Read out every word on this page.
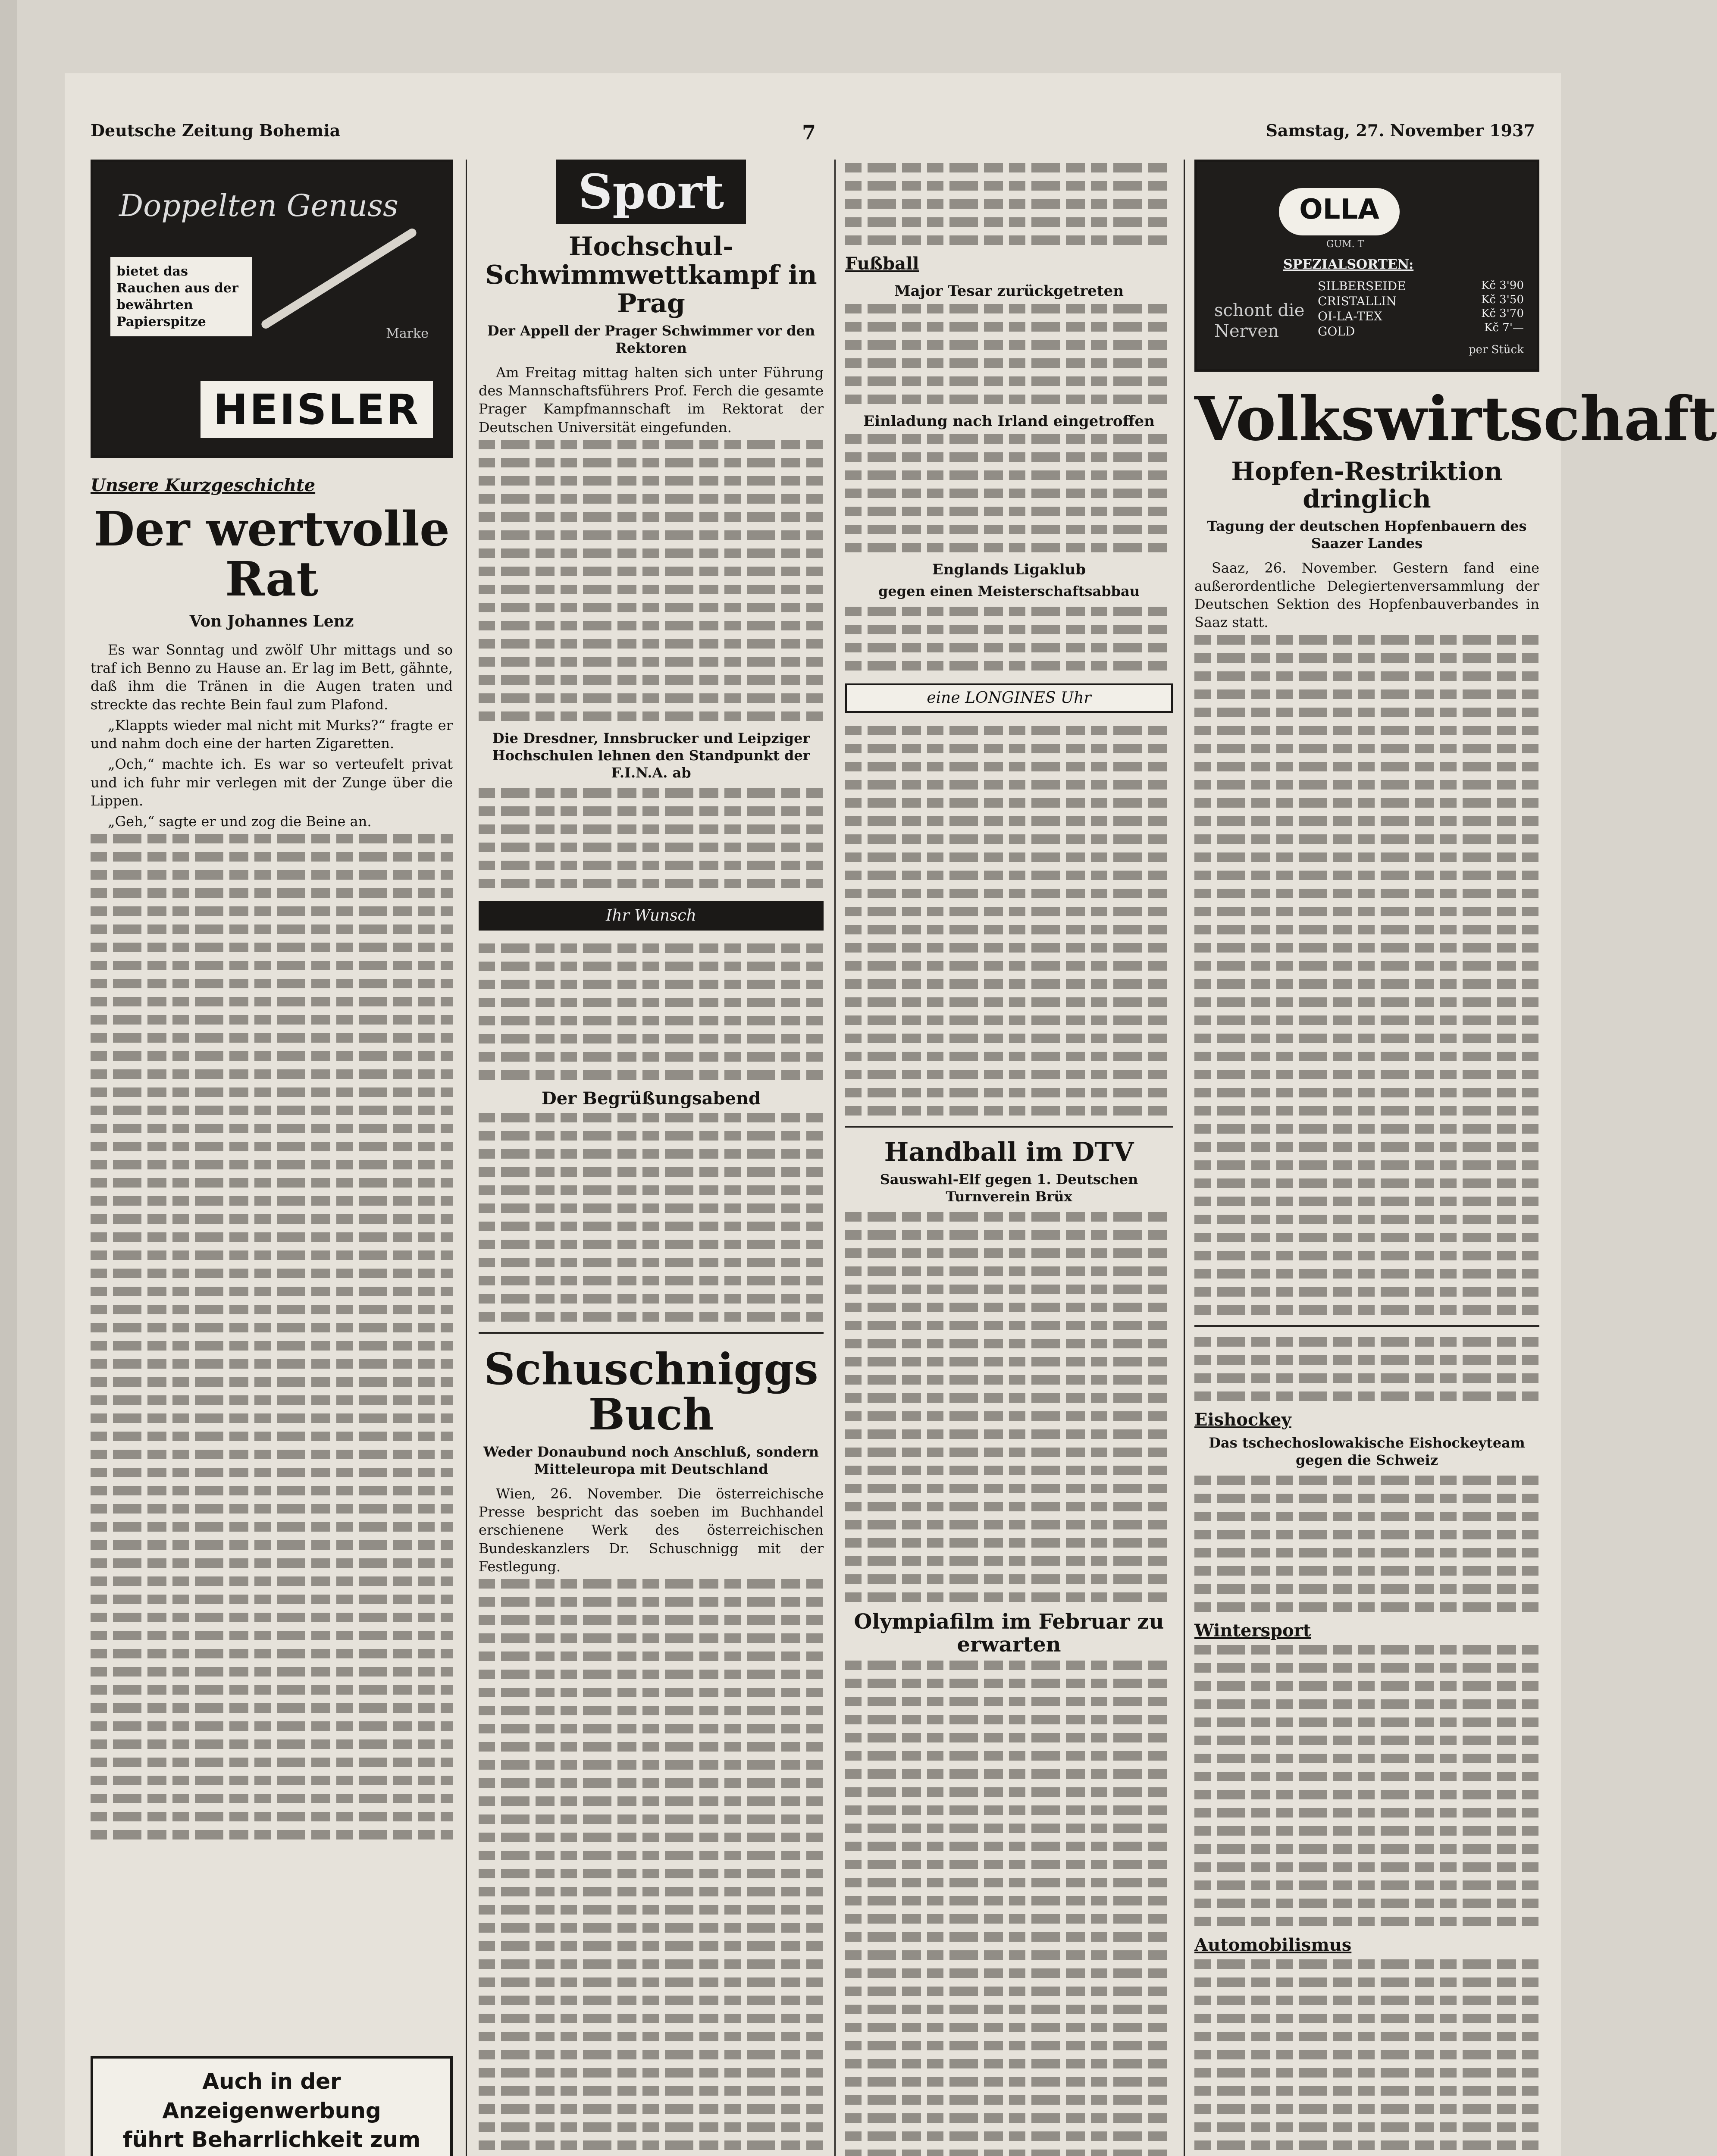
Deutsche Zeitung Bohemia	7	Samstag, 27. November 1937
Doppelten Genuss
bietet das Rauchen aus der bewährten Papierspitze
Marke
HEISLER
Unsere Kurzgeschichte
Der wertvolle Rat
Von Johannes Lenz

Es war Sonntag und zwölf Uhr mittags und so traf ich Benno zu Hause an. Er lag im Bett, gähnte, daß ihm die Tränen in die Augen traten und streckte das rechte Bein faul zum Plafond.

„Klappts wieder mal nicht mit Murks?“ fragte er und nahm doch eine der harten Zigaretten.

„Och,“ machte ich. Es war so verteufelt privat und ich fuhr mir verlegen mit der Zunge über die Lippen.

„Geh,“ sagte er und zog die Beine an.

Auch in der Anzeigenwerbung
führt Beharrlichkeit zum
Sport
Hochschul-Schwimmwettkampf in Prag
Der Appell der Prager Schwimmer vor den Rektoren

Am Freitag mittag halten sich unter Führung des Mannschaftsführers Prof. Ferch die gesamte Prager Kampfmannschaft im Rektorat der Deutschen Universität eingefunden.

Die Dresdner, Innsbrucker und Leipziger Hochschulen lehnen den Standpunkt der F.I.N.A. ab
Ihr Wunsch
Der Begrüßungsabend
Schuschniggs Buch
Weder Donaubund noch Anschluß, sondern Mitteleuropa mit Deutschland

Wien, 26. November. Die österreichische Presse bespricht das soeben im Buchhandel erschienene Werk des österreichischen Bundeskanzlers Dr. Schuschnigg mit der Festlegung.

Fußball
Major Tesar zurückgetreten
Einladung nach Irland eingetroffen
Englands Ligaklub
gegen einen Meisterschaftsabbau
eine LONGINES Uhr
Handball im DTV
Sauswahl-Elf gegen 1. Deutschen Turnverein Brüx
Olympiafilm im Februar zu erwarten
OLLA
GUM. T
SPEZIALSORTEN:
SILBERSEIDE
CRISTALLIN
OI-LA-TEX
GOLD
Kč 3'90
Kč 3'50
Kč 3'70
Kč 7'—
schont die Nerven
per Stück
Volkswirtschaft
Hopfen-Restriktion dringlich
Tagung der deutschen Hopfenbauern des Saazer Landes

Saaz, 26. November. Gestern fand eine außerordentliche Delegiertenversammlung der Deutschen Sektion des Hopfenbauverbandes in Saaz statt.

Eishockey
Das tschechoslowakische Eishockeyteam gegen die Schweiz
Wintersport
Automobilismus
